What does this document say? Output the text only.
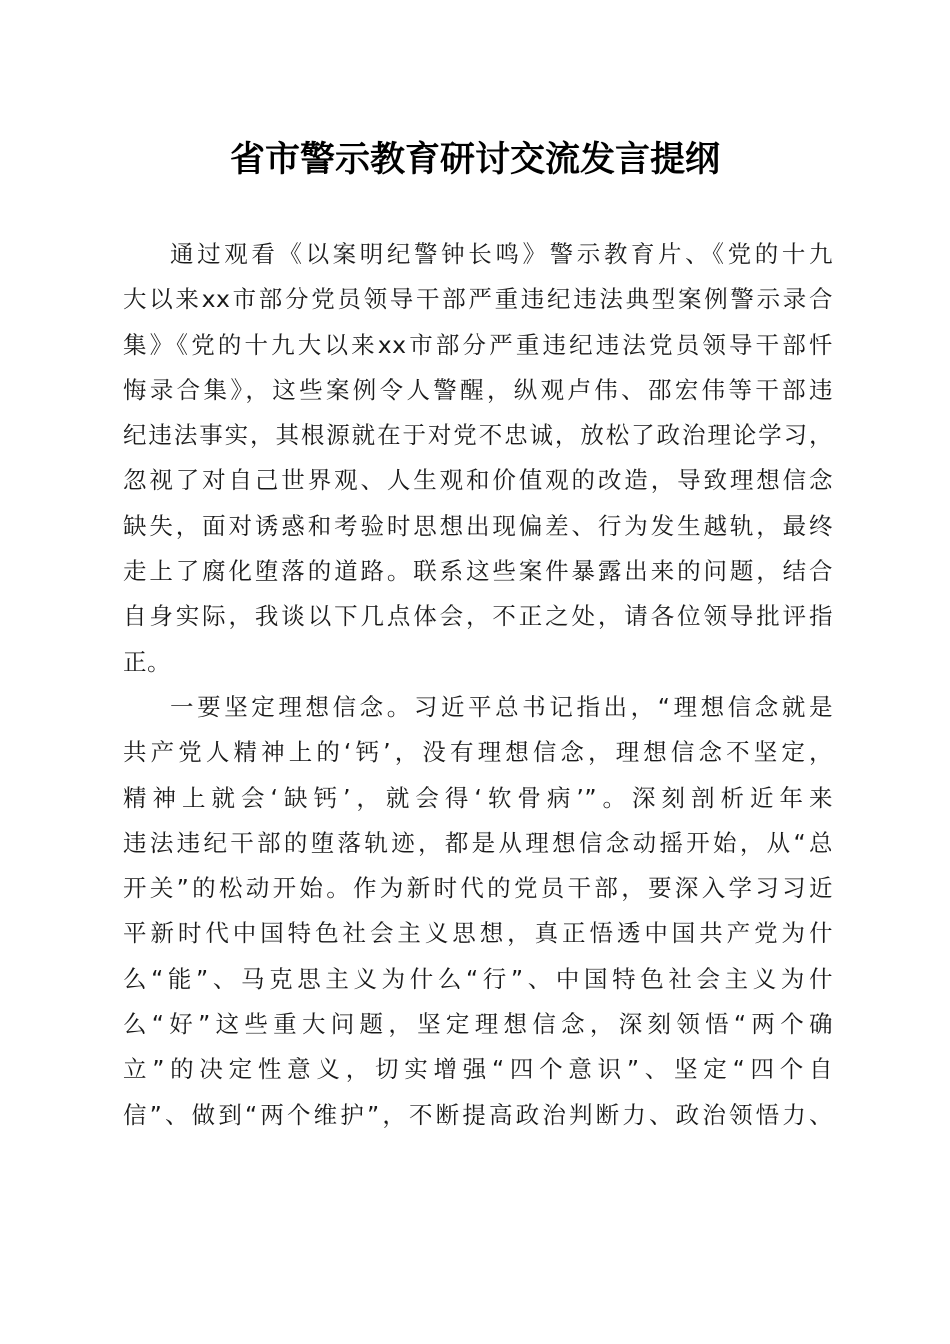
省市警示教育研讨交流发言提纲
通过观看《以案明纪警钟长鸣》警示教育片、《党的十九
大以来xx市部分党员领导干部严重违纪违法典型案例警示录合
集》《党的十九大以来xx市部分严重违纪违法党员领导干部忏
悔录合集》，这些案例令人警醒，纵观卢伟、邵宏伟等干部违
纪违法事实，其根源就在于对党不忠诚，放松了政治理论学习，
忽视了对自己世界观、人生观和价值观的改造，导致理想信念
缺失，面对诱惑和考验时思想出现偏差、行为发生越轨，最终
走上了腐化堕落的道路。联系这些案件暴露出来的问题，结合
自身实际，我谈以下几点体会，不正之处，请各位领导批评指
正。
一要坚定理想信念。习近平总书记指出，“理想信念就是
共产党人精神上的‘钙’，没有理想信念，理想信念不坚定，
精神上就会‘缺钙’，就会得‘软骨病’”。深刻剖析近年来
违法违纪干部的堕落轨迹，都是从理想信念动摇开始，从“总
开关”的松动开始。作为新时代的党员干部，要深入学习习近
平新时代中国特色社会主义思想，真正悟透中国共产党为什
么“能”、马克思主义为什么“行”、中国特色社会主义为什
么“好”这些重大问题，坚定理想信念，深刻领悟“两个确
立”的决定性意义，切实增强“四个意识”、坚定“四个自
信”、做到“两个维护”，不断提高政治判断力、政治领悟力、
